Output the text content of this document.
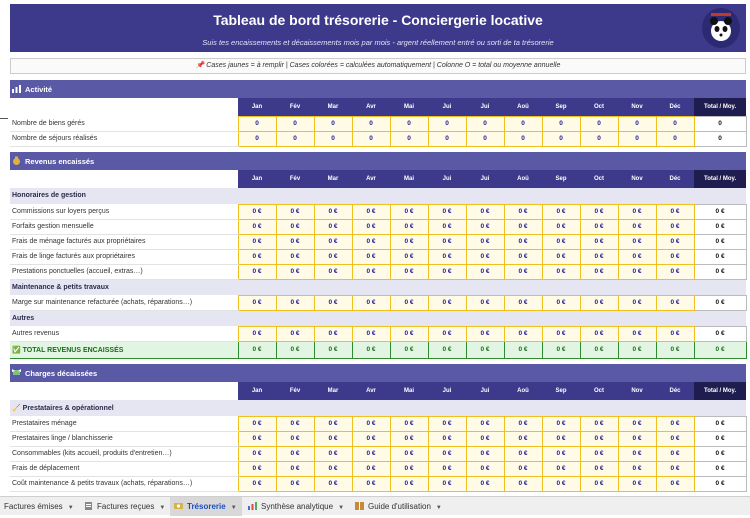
Tableau de bord trésorerie - Conciergerie locative
Suis tes encaissements et décaissements mois par mois - argent réellement entré ou sorti de ta trésorerie
📌 Cases jaunes = à remplir | Cases colorées = calculées automatiquement | Colonne O = total ou moyenne annuelle
Activité													
	Jan	Fév	Mar	Avr	Mai	Jui	Jui	Aoû	Sep	Oct	Nov	Déc	Total / Moy.
Nombre de biens gérés	0	0	0	0	0	0	0	0	0	0	0	0	0
Nombre de séjours réalisés	0	0	0	0	0	0	0	0	0	0	0	0	0

Revenus encaissés													
	Jan	Fév	Mar	Avr	Mai	Jui	Jui	Aoû	Sep	Oct	Nov	Déc	Total / Moy.
Honoraires de gestion													
Commissions sur loyers perçus	0 €	0 €	0 €	0 €	0 €	0 €	0 €	0 €	0 €	0 €	0 €	0 €	0 €
Forfaits gestion mensuelle	0 €	0 €	0 €	0 €	0 €	0 €	0 €	0 €	0 €	0 €	0 €	0 €	0 €
Frais de ménage facturés aux propriétaires	0 €	0 €	0 €	0 €	0 €	0 €	0 €	0 €	0 €	0 €	0 €	0 €	0 €
Frais de linge facturés aux propriétaires	0 €	0 €	0 €	0 €	0 €	0 €	0 €	0 €	0 €	0 €	0 €	0 €	0 €
Prestations ponctuelles (accueil, extras…)	0 €	0 €	0 €	0 €	0 €	0 €	0 €	0 €	0 €	0 €	0 €	0 €	0 €
Maintenance & petits travaux													
Marge sur maintenance refacturée (achats, réparations…)	0 €	0 €	0 €	0 €	0 €	0 €	0 €	0 €	0 €	0 €	0 €	0 €	0 €
Autres													
Autres revenus	0 €	0 €	0 €	0 €	0 €	0 €	0 €	0 €	0 €	0 €	0 €	0 €	0 €
✅ TOTAL REVENUS ENCAISSÉS	0 €	0 €	0 €	0 €	0 €	0 €	0 €	0 €	0 €	0 €	0 €	0 €	0 €

Charges décaissées													
	Jan	Fév	Mar	Avr	Mai	Jui	Jui	Aoû	Sep	Oct	Nov	Déc	Total / Moy.
🧹 Prestataires & opérationnel													
Prestataires ménage	0 €	0 €	0 €	0 €	0 €	0 €	0 €	0 €	0 €	0 €	0 €	0 €	0 €
Prestataires linge / blanchisserie	0 €	0 €	0 €	0 €	0 €	0 €	0 €	0 €	0 €	0 €	0 €	0 €	0 €
Consommables (kits accueil, produits d'entretien…)	0 €	0 €	0 €	0 €	0 €	0 €	0 €	0 €	0 €	0 €	0 €	0 €	0 €
Frais de déplacement	0 €	0 €	0 €	0 €	0 €	0 €	0 €	0 €	0 €	0 €	0 €	0 €	0 €
Coût maintenance & petits travaux (achats, réparations…)	0 €	0 €	0 €	0 €	0 €	0 €	0 €	0 €	0 €	0 €	0 €	0 €	0 €
Factures émises ▼	Factures reçues ▼	Trésorerie ▼	Synthèse analytique ▼	Guide d'utilisation ▼
